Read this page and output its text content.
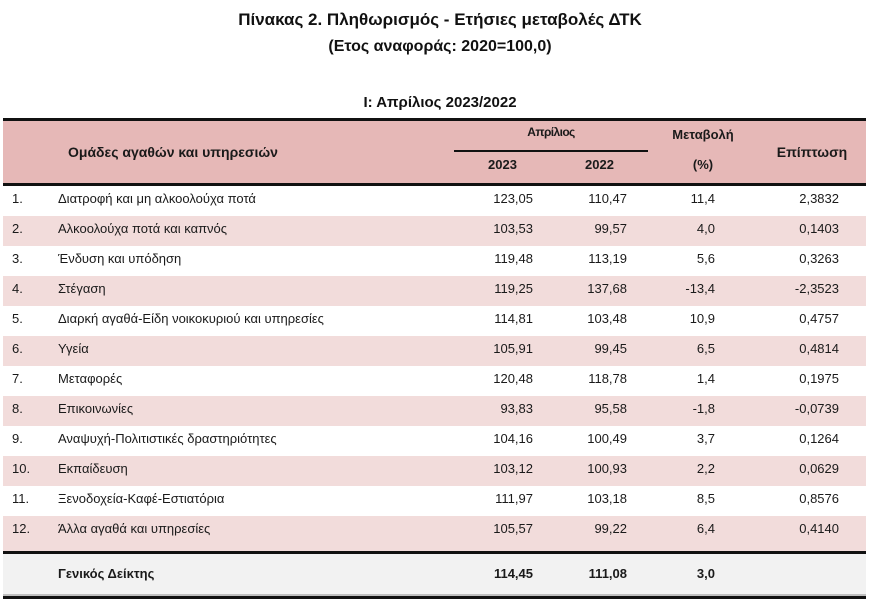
Πίνακας 2. Πληθωρισμός - Ετήσιες μεταβολές ΔΤΚ
(Ετος αναφοράς: 2020=100,0)
Ι: Απρίλιος 2023/2022
Ομάδες αγαθών και υπηρεσιών
Απρίλιος
2023	2022
Μεταβολή
(%)
Επίπτωση
1.	Διατροφή και μη αλκοολούχα ποτά	123,05	110,47	11,4	2,3832
2.	Αλκοολούχα ποτά και καπνός	103,53	99,57	4,0	0,1403
3.	Ένδυση και υπόδηση	119,48	113,19	5,6	0,3263
4.	Στέγαση	119,25	137,68	-13,4	-2,3523
5.	Διαρκή αγαθά-Είδη νοικοκυριού και υπηρεσίες	114,81	103,48	10,9	0,4757
6.	Υγεία	105,91	99,45	6,5	0,4814
7.	Μεταφορές	120,48	118,78	1,4	0,1975
8.	Επικοινωνίες	93,83	95,58	-1,8	-0,0739
9.	Αναψυχή-Πολιτιστικές δραστηριότητες	104,16	100,49	3,7	0,1264
10. Εκπαίδευση	103,12	100,93	2,2	0,0629
11. Ξενοδοχεία-Καφέ-Εστιατόρια	111,97	103,18	8,5	0,8576
12. Άλλα αγαθά και υπηρεσίες	105,57	99,22	6,4	0,4140
Γενικός Δείκτης	114,45	111,08	3,0
